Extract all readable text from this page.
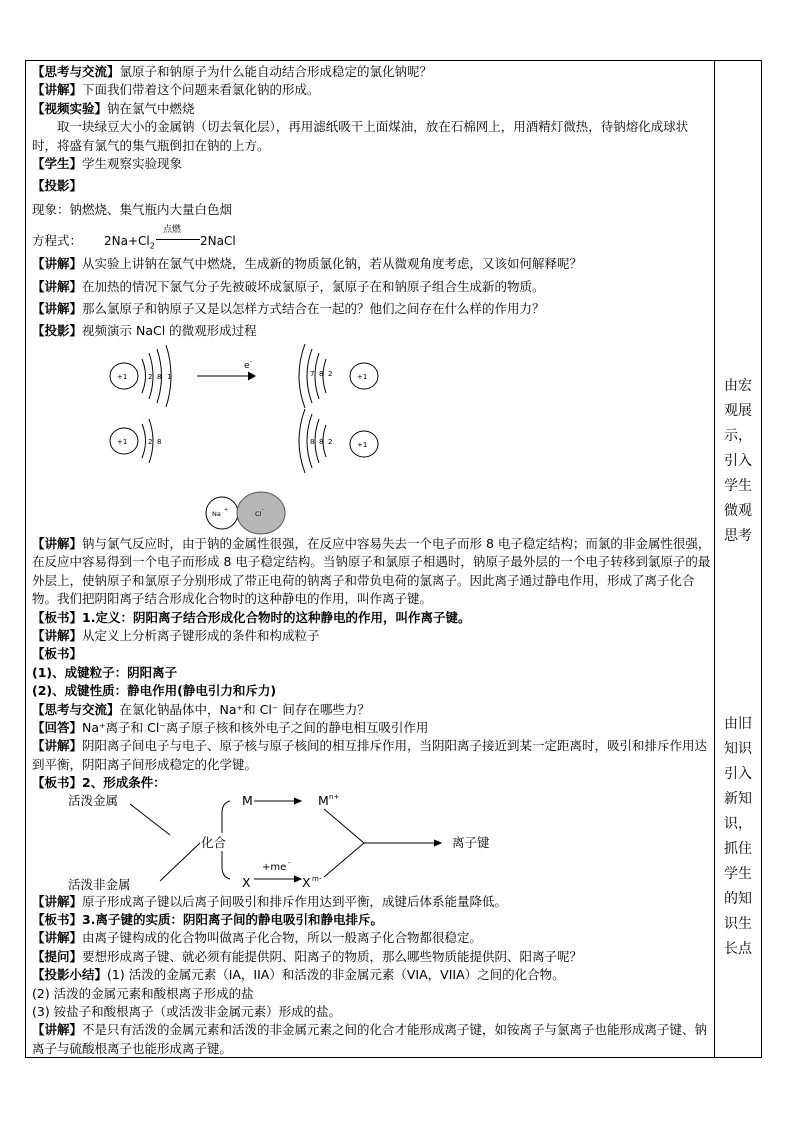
【思考与交流】氯原子和钠原子为什么能自动结合形成稳定的氯化钠呢？

【讲解】下面我们带着这个问题来看氯化钠的形成。

【视频实验】钠在氯气中燃烧

取一块绿豆大小的金属钠（切去氧化层），再用滤纸吸干上面煤油，放在石棉网上，用酒精灯微热，待钠熔化成球状时，将盛有氯气的集气瓶倒扣在钠的上方。

【学生】学生观察实验现象

【投影】

现象：钠燃烧、集气瓶内大量白色烟

方程式： $2Na+Cl_2$
点燃
2NaCl

【讲解】从实验上讲钠在氯气中燃烧，生成新的物质氯化钠，若从微观角度考虑，又该如何解释呢？

【讲解】在加热的情况下氯气分子先被破坏成氯原子，氯原子在和钠原子组合生成新的物质。

【讲解】那么氯原子和钠原子又是以怎样方式结合在一起的？他们之间存在什么样的作用力？

【投影】视频演示 NaCl 的微观形成过程

+1	2 8 1
e -
7 8 2	+1
+1	2 8	8 8 2	+1
Na +	Cl -

【讲解】钠与氯气反应时，由于钠的金属性很强，在反应中容易失去一个电子而形 8 电子稳定结构；而氯的非金属性很强，在反应中容易得到一个电子而形成 8 电子稳定结构。当钠原子和氯原子相遇时，钠原子最外层的一个电子转移到氯原子的最外层上，使钠原子和氯原子分别形成了带正电荷的钠离子和带负电荷的氯离子。因此离子通过静电作用，形成了离子化合物。我们把阴阳离子结合形成化合物时的这种静电的作用，叫作离子键。

【板书】1.定义：阴阳离子结合形成化合物时的这种静电的作用，叫作离子键。

【讲解】从定义上分析离子键形成的条件和构成粒子

【板书】

(1)、成键粒子：阴阳离子

(2)、成键性质：静电作用(静电引力和斥力)

【思考与交流】在氯化钠晶体中，Na⁺和 Cl⁻ 间存在哪些力？

【回答】Na⁺离子和 Cl⁻离子原子核和核外电子之间的静电相互吸引作用

【讲解】阴阳离子间电子与电子、原子核与原子核间的相互排斥作用，当阴阳离子接近到某一定距离时，吸引和排斥作用达到平衡，阴阳离子间形成稳定的化学键。

【板书】2、形成条件：

活泼金属
活泼非金属
化合
M	M n+
X
+me -
X m-
离子键

【讲解】原子形成离子键以后离子间吸引和排斥作用达到平衡，成键后体系能量降低。

【板书】3.离子键的实质：阴阳离子间的静电吸引和静电排斥。

【讲解】由离子键构成的化合物叫做离子化合物，所以一般离子化合物都很稳定。

【提问】要想形成离子键、就必须有能提供阴、阳离子的物质，那么哪些物质能提供阴、阳离子呢？

【投影小结】(1) 活泼的金属元素（IA，IIA）和活泼的非金属元素（VIA，VIIA）之间的化合物。

(2) 活泼的金属元素和酸根离子形成的盐

(3) 铵盐子和酸根离子（或活泼非金属元素）形成的盐。

【讲解】不是只有活泼的金属元素和活泼的非金属元素之间的化合才能形成离子键，如铵离子与氯离子也能形成离子键、钠离子与硫酸根离子也能形成离子键。

由宏
观展
示，
引入
学生
微观
思考
由旧
知识
引入
新知
识，
抓住
学生
的知
识生
长点
